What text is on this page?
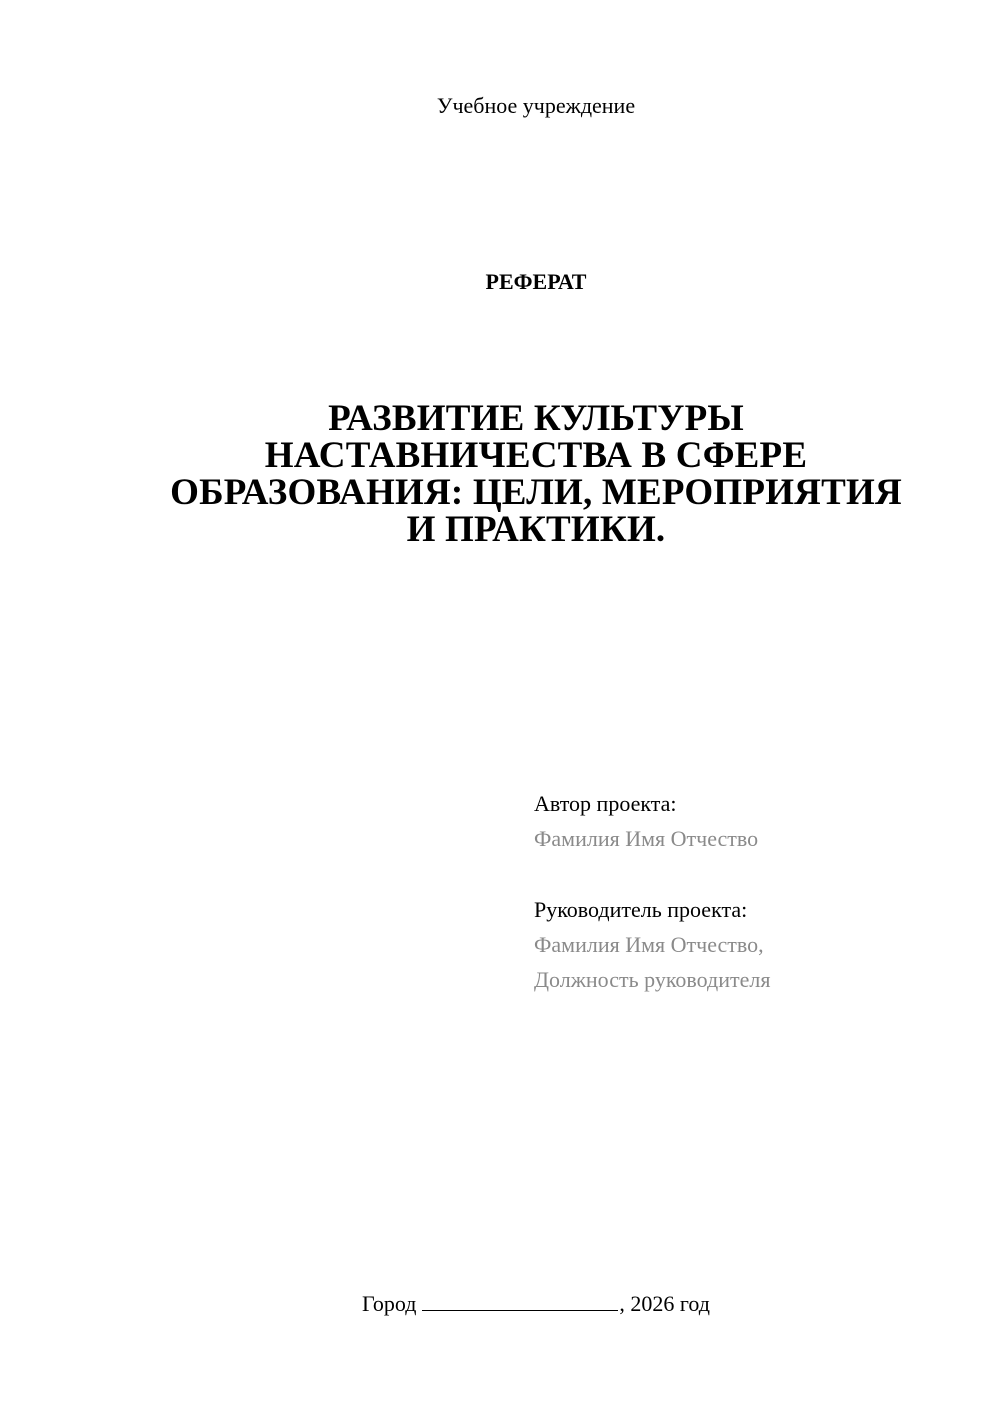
Учебное учреждение
РЕФЕРАТ
РАЗВИТИЕ КУЛЬТУРЫ
НАСТАВНИЧЕСТВА В СФЕРЕ
ОБРАЗОВАНИЯ: ЦЕЛИ, МЕРОПРИЯТИЯ
И ПРАКТИКИ.
Автор проекта:
Фамилия Имя Отчество
Руководитель проекта:
Фамилия Имя Отчество,
Должность руководителя
Город	, 2026 год
